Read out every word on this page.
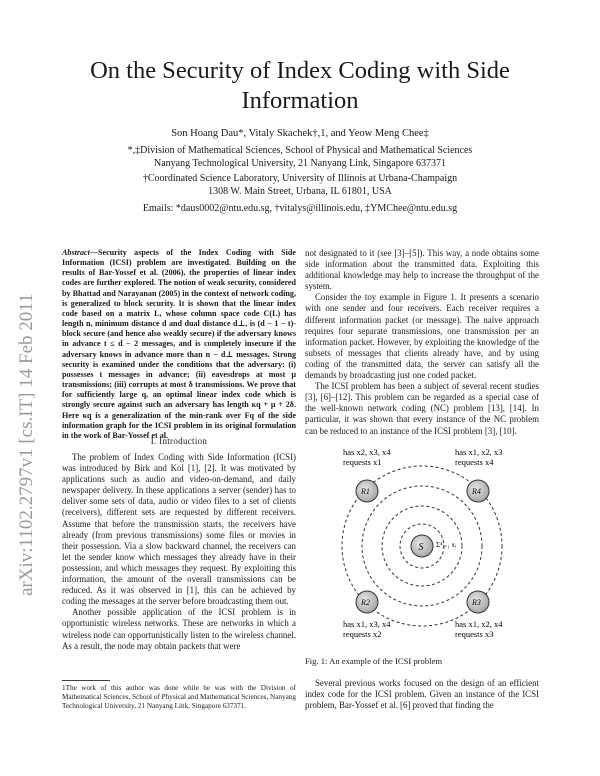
arXiv:1102.2797v1 [cs.IT] 14 Feb 2011
On the Security of Index Coding with Side
Information
Son Hoang Dau*, Vitaly Skachek†,1, and Yeow Meng Chee‡
*,‡Division of Mathematical Sciences, School of Physical and Mathematical Sciences
Nanyang Technological University, 21 Nanyang Link, Singapore 637371
†Coordinated Science Laboratory, University of Illinois at Urbana-Champaign
1308 W. Main Street, Urbana, IL 61801, USA
Emails: *daus0002@ntu.edu.sg, †vitalys@illinois.edu, ‡YMChee@ntu.edu.sg
Abstract—Security aspects of the Index Coding with Side Information (ICSI) problem are investigated. Building on the results of Bar-Yossef et al. (2006), the properties of linear index codes are further explored. The notion of weak security, considered by Bhattad and Narayanan (2005) in the context of network coding, is generalized to block security. It is shown that the linear index code based on a matrix L, whose column space code C(L) has length n, minimum distance d and dual distance d⊥, is (d − 1 − t)-block secure (and hence also weakly secure) if the adversary knows in advance t ≤ d − 2 messages, and is completely insecure if the adversary knows in advance more than n − d⊥ messages. Strong security is examined under the conditions that the adversary: (i) possesses t messages in advance; (ii) eavesdrops at most μ transmissions; (iii) corrupts at most δ transmissions. We prove that for sufficiently large q, an optimal linear index code which is strongly secure against such an adversary has length κq + μ + 2δ. Here κq is a generalization of the min-rank over Fq of the side information graph for the ICSI problem in its original formulation in the work of Bar-Yossef et al.
I. Introduction

The problem of Index Coding with Side Information (ICSI) was introduced by Birk and Kol [1], [2]. It was motivated by applications such as audio and video-on-demand, and daily newspaper delivery. In these applications a server (sender) has to deliver some sets of data, audio or video files to a set of clients (receivers), different sets are requested by different receivers. Assume that before the transmission starts, the receivers have already (from previous transmissions) some files or movies in their possession. Via a slow backward channel, the receivers can let the sender know which messages they already have in their possession, and which messages they request. By exploiting this information, the amount of the overall transmissions can be reduced. As it was observed in [1], this can be achieved by coding the messages at the server before broadcasting them out.

Another possible application of the ICSI problem is in opportunistic wireless networks. These are networks in which a wireless node can opportunistically listen to the wireless channel. As a result, the node may obtain packets that were

1The work of this author was done while he was with the Division of Mathematical Sciences, School of Physical and Mathematical Sciences, Nanyang Technological University, 21 Nanyang Link, Singapore 637371.

not designated to it (see [3]–[5]). This way, a node obtains some side information about the transmitted data. Exploiting this additional knowledge may help to increase the throughput of the system.

Consider the toy example in Figure 1. It presents a scenario with one sender and four receivers. Each receiver requires a different information packet (or message). The naïve approach requires four separate transmissions, one transmission per an information packet. However, by exploiting the knowledge of the subsets of messages that clients already have, and by using coding of the transmitted data, the server can satisfy all the demands by broadcasting just one coded packet.

The ICSI problem has been a subject of several recent studies [3], [6]–[12]. This problem can be regarded as a special case of the well-known network coding (NC) problem [13], [14]. In particular, it was shown that every instance of the NC problem can be reduced to an instance of the ICSI problem [3], [10].

S Σ⁴ᵢ₌₁ xᵢ
R1	R4
R2	R3
has x2, x3, x4
requests x1
has x1, x2, x3
requests x4
has x1, x3, x4
requests x2
has x1, x2, x4
requests x3
Fig. 1: An example of the ICSI problem

Several previous works focused on the design of an efficient index code for the ICSI problem. Given an instance of the ICSI problem, Bar-Yossef et al. [6] proved that finding the
